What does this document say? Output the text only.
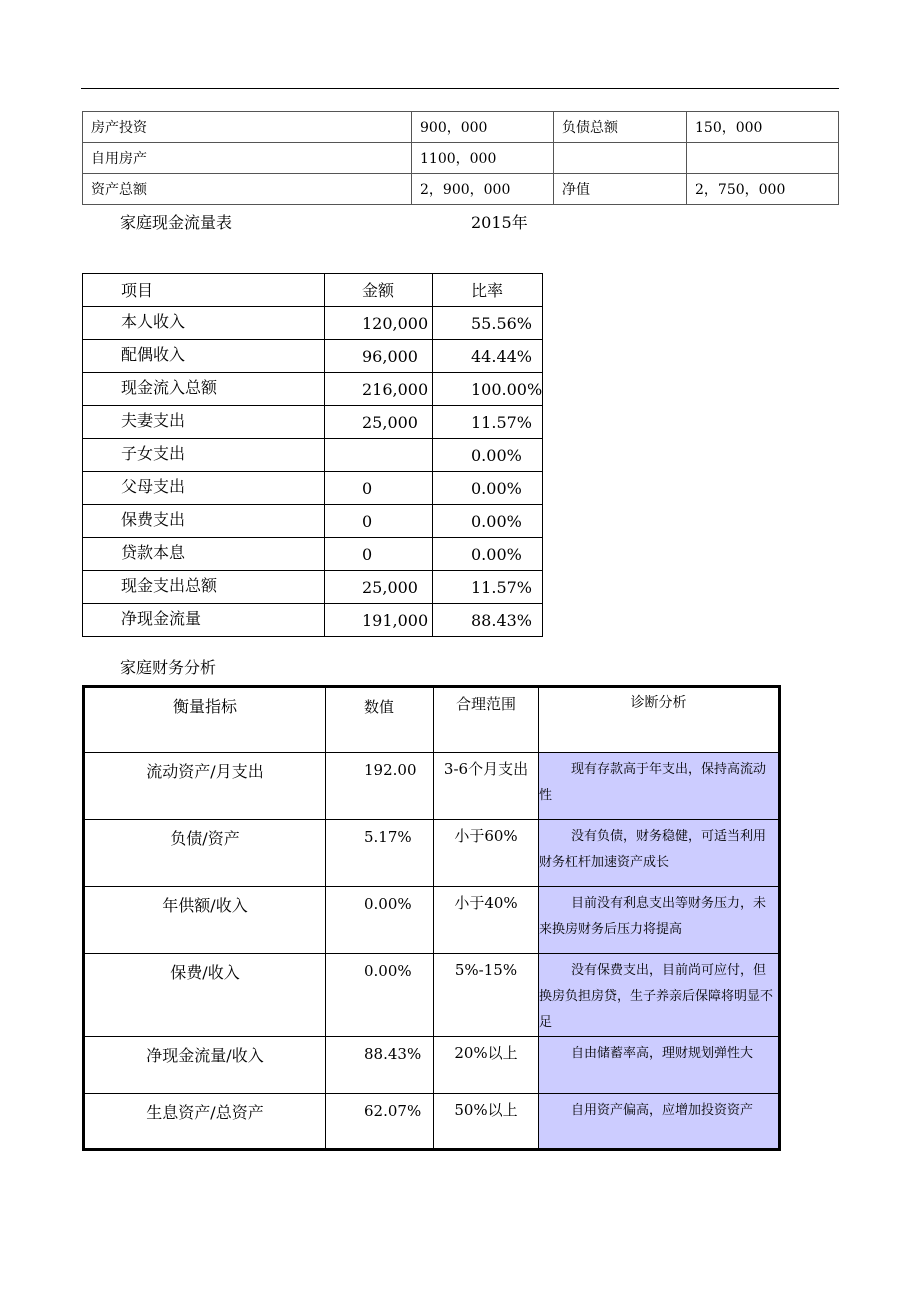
房产投资	900，000	负债总额	150，000
自用房产	1100，000		
资产总额	2，900，000	净值	2，750，000
家庭现金流量表	2015年
项目	金额	比率
本人收入	120,000	55.56%
配偶收入	96,000	44.44%
现金流入总额	216,000	100.00%
夫妻支出	25,000	11.57%
子女支出		0.00%
父母支出	0	0.00%
保费支出	0	0.00%
贷款本息	0	0.00%
现金支出总额	25,000	11.57%
净现金流量	191,000	88.43%
家庭财务分析
衡量指标	数值	合理范围	诊断分析
流动资产/月支出	192.00	3-6个月支出	现有存款高于年支出，保持高流动性
负债/资产	5.17%	小于60%	没有负债，财务稳健，可适当利用财务杠杆加速资产成长
年供额/收入	0.00%	小于40%	目前没有利息支出等财务压力，未来换房财务后压力将提高
保费/收入	0.00%	5%-15%	没有保费支出，目前尚可应付，但换房负担房贷，生子养亲后保障将明显不足
净现金流量/收入	88.43%	20%以上	自由储蓄率高，理财规划弹性大
生息资产/总资产	62.07%	50%以上	自用资产偏高，应增加投资资产
